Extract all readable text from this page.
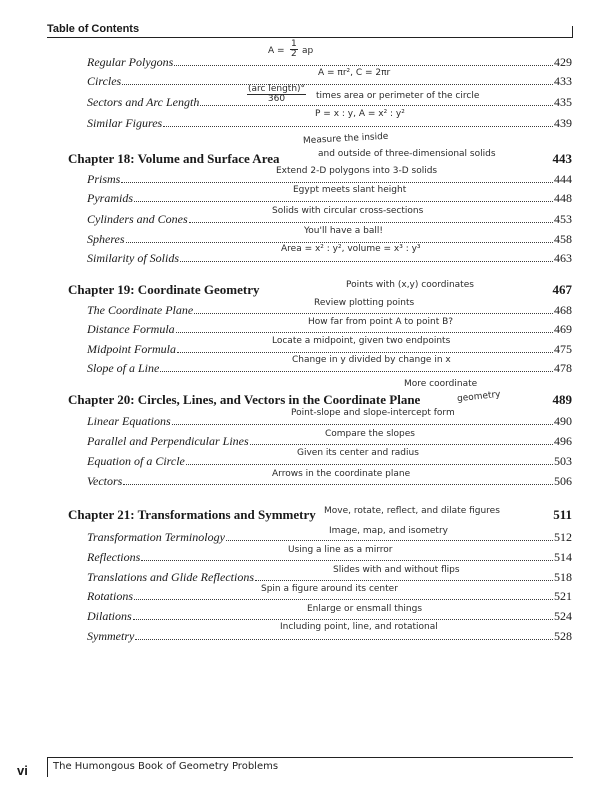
Table of Contents
Regular Polygons	429
$A = \frac{1}{2}$ ap
Circles	433
A = πr², C = 2πr
Sectors and Arc Length	435
(arc length)°
360	times area or perimeter of the circle
Similar Figures	439
P = x : y, A = x² : y²
Measure the inside
and outside of three-dimensional solids
Chapter 18: Volume and Surface Area	443
Prisms	444
Extend 2-D polygons into 3-D solids
Pyramids	448
Egypt meets slant height
Cylinders and Cones	453
Solids with circular cross-sections
Spheres	458
You'll have a ball!
Similarity of Solids	463
Area = x² : y², volume = x³ : y³
Chapter 19: Coordinate Geometry	467
Points with (x,y) coordinates
The Coordinate Plane	468
Review plotting points
Distance Formula	469
How far from point A to point B?
Midpoint Formula	475
Locate a midpoint, given two endpoints
Slope of a Line	478
Change in y divided by change in x
More coordinate
geometry
Chapter 20: Circles, Lines, and Vectors in the Coordinate Plane	489
Linear Equations	490
Point-slope and slope-intercept form
Parallel and Perpendicular Lines	496
Compare the slopes
Equation of a Circle	503
Given its center and radius
Vectors	506
Arrows in the coordinate plane
Chapter 21: Transformations and Symmetry	511
Move, rotate, reflect, and dilate figures
Transformation Terminology	512
Image, map, and isometry
Reflections	514
Using a line as a mirror
Translations and Glide Reflections	518
Slides with and without flips
Rotations	521
Spin a figure around its center
Dilations	524
Enlarge or ensmall things
Symmetry	528
Including point, line, and rotational
vi	The Humongous Book of Geometry Problems
